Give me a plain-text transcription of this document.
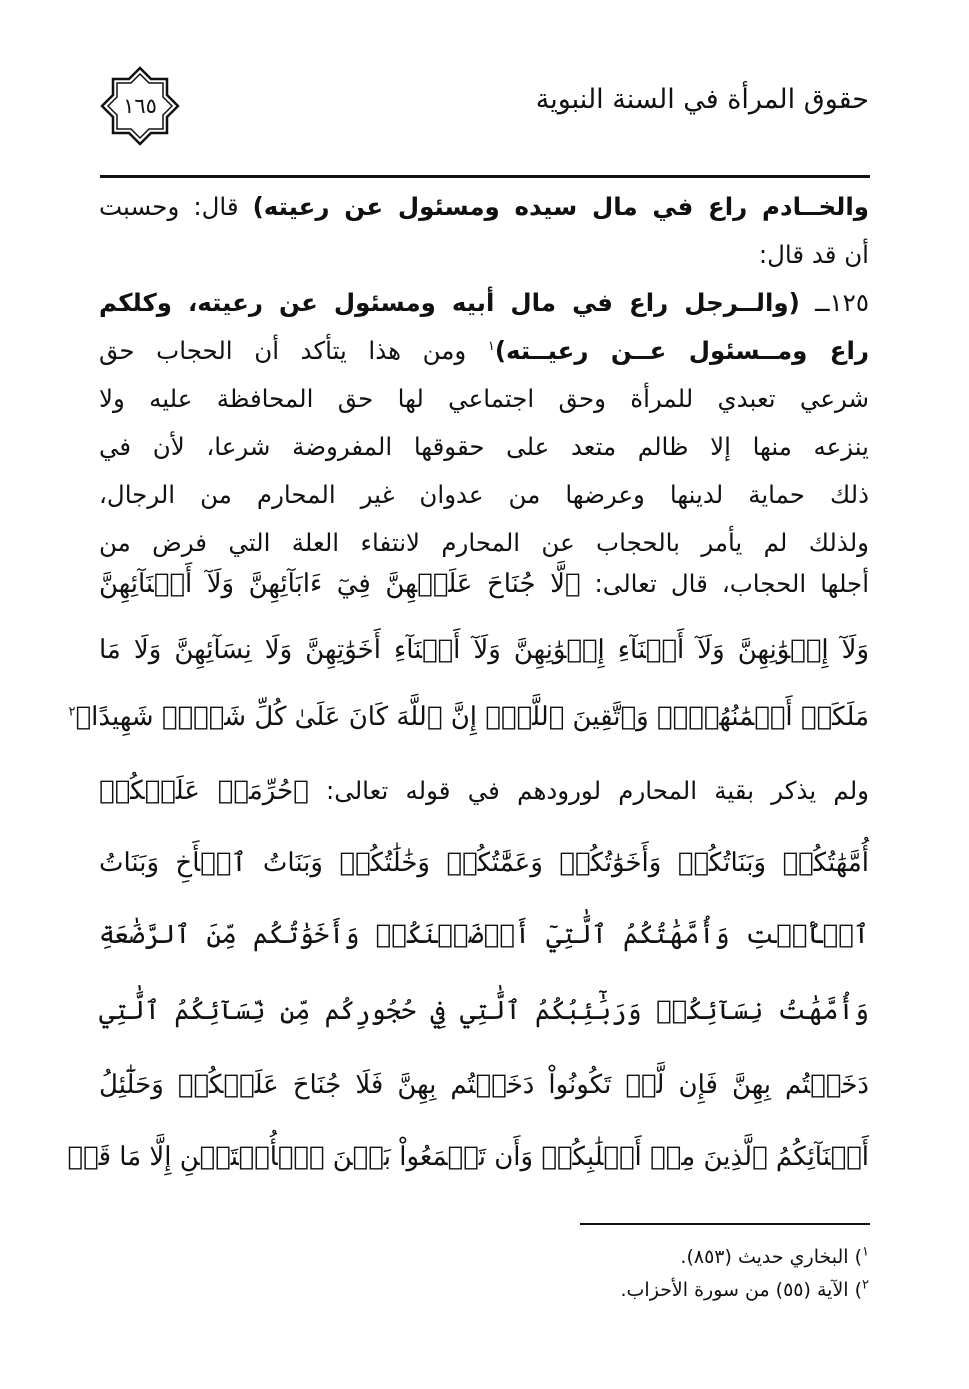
حقوق المرأة في السنة النبوية
١٦٥
والخــادم راع في مال سيده ومسئول عن رعيته) قال: وحسبت
أن قد قال:
١٢٥ــ (والــرجل راع في مال أبيه ومسئول عن رعيته، وكلكم
راع ومــسئول عــن رعيــته)$^١$ ومن هذا يتأكد أن الحجاب حق
شرعي تعبدي للمرأة وحق اجتماعي لها حق المحافظة عليه ولا
ينزعه منها إلا ظالم متعد على حقوقها المفروضة شرعا، لأن في
ذلك حماية لدينها وعرضها من عدوان غير المحارم من الرجال،
ولذلك لم يأمر بالحجاب عن المحارم لانتفاء العلة التي فرض من
أجلها الحجاب، قال تعالى: ﴿لَّا جُنَاحَ عَلَيۡهِنَّ فِيٓ ءَابَآئِهِنَّ وَلَآ أَبۡنَآئِهِنَّ
وَلَآ إِخۡوَٰنِهِنَّ وَلَآ أَبۡنَآءِ إِخۡوَٰنِهِنَّ وَلَآ أَبۡنَآءِ أَخَوَٰتِهِنَّ وَلَا نِسَآئِهِنَّ وَلَا مَا
مَلَكَتۡ أَيۡمَٰنُهُنَّۗ وَٱتَّقِينَ ٱللَّهَۚ إِنَّ ٱللَّهَ كَانَ عَلَىٰ كُلِّ شَيۡءٖ شَهِيدًا﴾$^٢$
ولم يذكر بقية المحارم لورودهم في قوله تعالى: ﴿حُرِّمَتۡ عَلَيۡكُمۡ
أُمَّهَٰتُكُمۡ وَبَنَاتُكُمۡ وَأَخَوَٰتُكُمۡ وَعَمَّٰتُكُمۡ وَخَٰلَٰتُكُمۡ وَبَنَاتُ ٱلۡأَخِ وَبَنَاتُ
ٱلۡأُخۡتِ وَأُمَّهَٰتُكُمُ ٱلَّٰتِيٓ أَرۡضَعۡنَكُمۡ وَأَخَوَٰتُكُم مِّنَ ٱلرَّضَٰعَةِ
وَأُمَّهَٰتُ نِسَآئِكُمۡ وَرَبَٰٓئِبُكُمُ ٱلَّٰتِي فِي حُجُورِكُم مِّن نِّسَآئِكُمُ ٱلَّٰتِي
دَخَلۡتُم بِهِنَّ فَإِن لَّمۡ تَكُونُواْ دَخَلۡتُم بِهِنَّ فَلَا جُنَاحَ عَلَيۡكُمۡ وَحَلَٰٓئِلُ
أَبۡنَآئِكُمُ ٱلَّذِينَ مِنۡ أَصۡلَٰبِكُمۡ وَأَن تَجۡمَعُواْ بَيۡنَ ٱلۡأُخۡتَيۡنِ إِلَّا مَا قَدۡ
$^١$) البخاري حديث (٨٥٣).
$^٢$) الآية (٥٥) من سورة الأحزاب.
